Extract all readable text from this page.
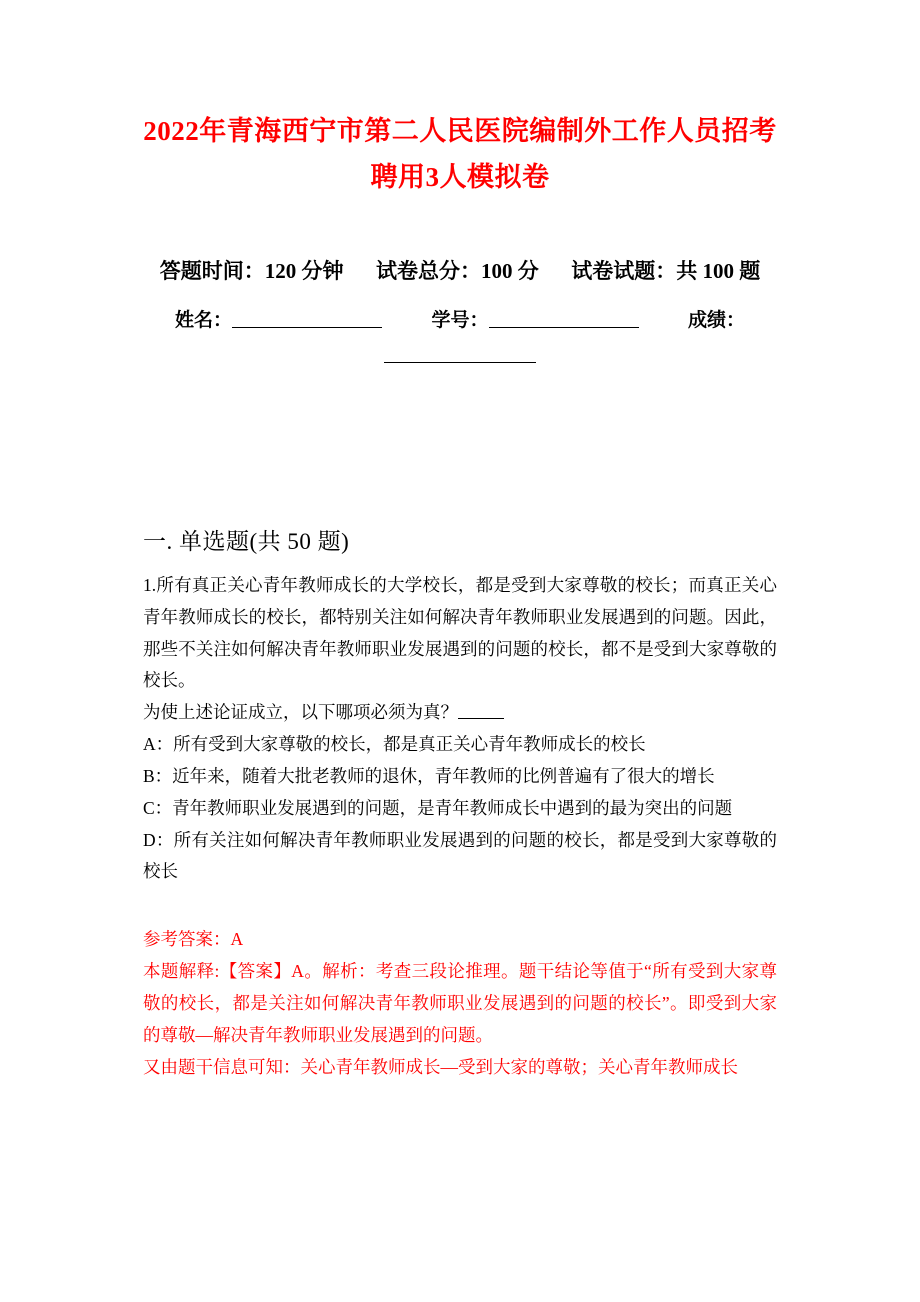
2022年青海西宁市第二人民医院编制外工作人员招考聘用3人模拟卷
答题时间：120 分钟 试卷总分：100 分 试卷试题：共 100 题
姓名：	学号：	成绩：
一. 单选题(共 50 题)

1.所有真正关心青年教师成长的大学校长，都是受到大家尊敬的校长；而真正关心青年教师成长的校长，都特别关注如何解决青年教师职业发展遇到的问题。因此，那些不关注如何解决青年教师职业发展遇到的问题的校长，都不是受到大家尊敬的校长。

为使上述论证成立，以下哪项必须为真？

A：所有受到大家尊敬的校长，都是真正关心青年教师成长的校长

B：近年来，随着大批老教师的退休，青年教师的比例普遍有了很大的增长

C：青年教师职业发展遇到的问题，是青年教师成长中遇到的最为突出的问题

D：所有关注如何解决青年教师职业发展遇到的问题的校长，都是受到大家尊敬的校长

参考答案：A

本题解释:【答案】A。解析：考查三段论推理。题干结论等值于“所有受到大家尊敬的校长，都是关注如何解决青年教师职业发展遇到的问题的校长”。即受到大家的尊敬—解决青年教师职业发展遇到的问题。

又由题干信息可知：关心青年教师成长—受到大家的尊敬；关心青年教师成长
